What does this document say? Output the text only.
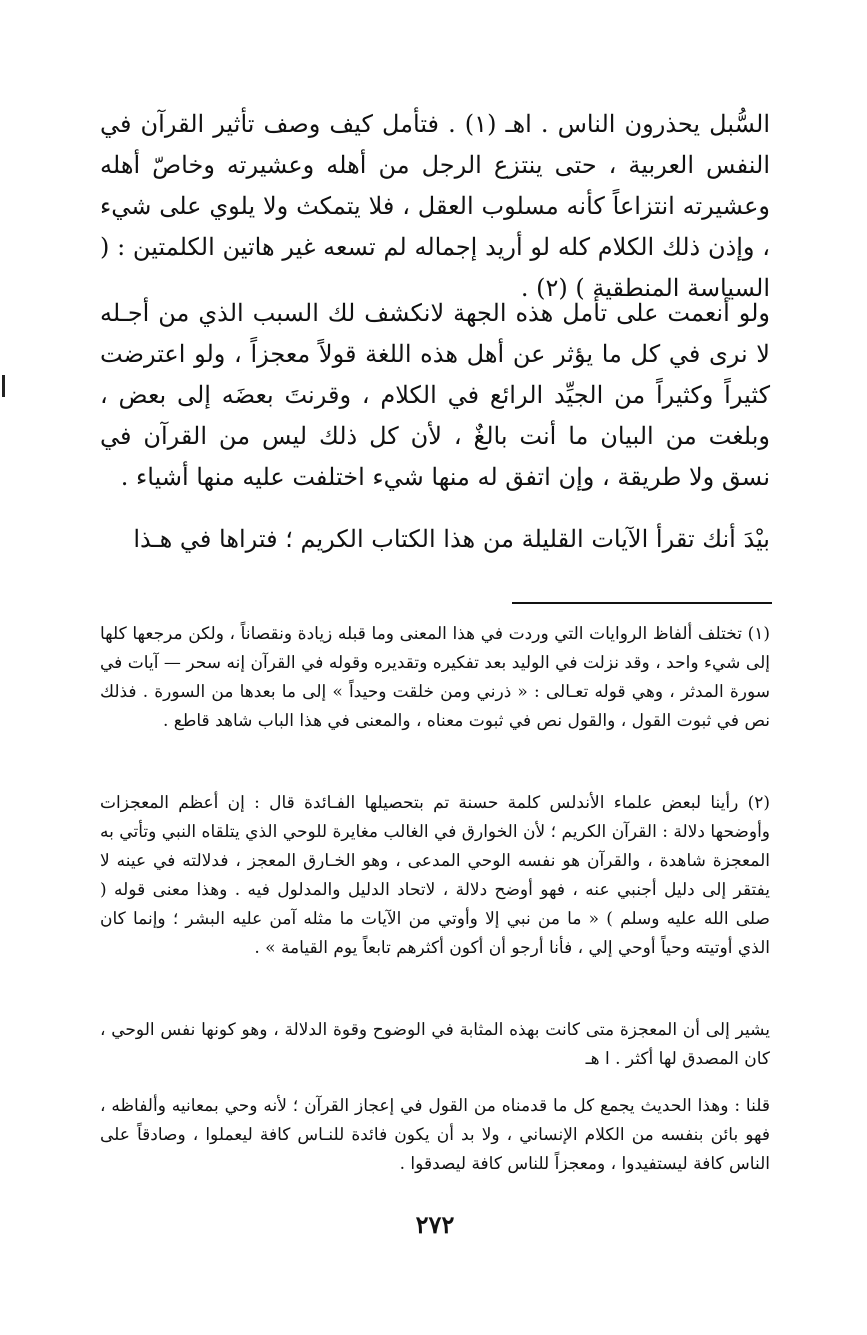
السُّبل يحذرون الناس . اهـ (١) . فتأمل كيف وصف تأثير القرآن في النفس العربية ، حتى ينتزع الرجل من أهله وعشيرته وخاصّ أهله وعشيرته انتزاعاً كأنه مسلوب العقل ، فلا يتمكث ولا يلوي على شيء ، وإذن ذلك الكلام كله لو أريد إجماله لم تسعه غير هاتين الكلمتين : ( السياسة المنطقية ) (٢) .

ولو أنعمت على تأمل هذه الجهة لانكشف لك السبب الذي من أجـله لا نرى في كل ما يؤثر عن أهل هذه اللغة قولاً معجزاً ، ولو اعترضت كثيراً وكثيراً من الجيِّد الرائع في الكلام ، وقرنتَ بعضَه إلى بعض ، وبلغت من البيان ما أنت بالغٌ ، لأن كل ذلك ليس من القرآن في نسق ولا طريقة ، وإن اتفق له منها شيء اختلفت عليه منها أشياء .

بيْدَ أنك تقرأ الآيات القليلة من هذا الكتاب الكريم ؛ فتراها في هـذا

(١) تختلف ألفاظ الروايات التي وردت في هذا المعنى وما قبله زيادة ونقصاناً ، ولكن مرجعها كلها إلى شيء واحد ، وقد نزلت في الوليد بعد تفكيره وتقديره وقوله في القرآن إنه سحر — آيات في سورة المدثر ، وهي قوله تعـالى : « ذرني ومن خلقت وحيداً » إلى ما بعدها من السورة . فذلك نص في ثبوت القول ، والقول نص في ثبوت معناه ، والمعنى في هذا الباب شاهد قاطع .

(٢) رأينا لبعض علماء الأندلس كلمة حسنة تم بتحصيلها الفـائدة قال : إن أعظم المعجزات وأوضحها دلالة : القرآن الكريم ؛ لأن الخوارق في الغالب مغايرة للوحي الذي يتلقاه النبي وتأتي به المعجزة شاهدة ، والقرآن هو نفسه الوحي المدعى ، وهو الخـارق المعجز ، فدلالته في عينه لا يفتقر إلى دليل أجنبي عنه ، فهو أوضح دلالة ، لاتحاد الدليل والمدلول فيه . وهذا معنى قوله ( صلى الله عليه وسلم ) « ما من نبي إلا وأوتي من الآيات ما مثله آمن عليه البشر ؛ وإنما كان الذي أوتيته وحياً أوحي إلي ، فأنا أرجو أن أكون أكثرهم تابعاً يوم القيامة » .

يشير إلى أن المعجزة متى كانت بهذه المثابة في الوضوح وقوة الدلالة ، وهو كونها نفس الوحي ، كان المصدق لها أكثر . ا هـ

قلنا : وهذا الحديث يجمع كل ما قدمناه من القول في إعجاز القرآن ؛ لأنه وحي بمعانيه وألفاظه ، فهو بائن بنفسه من الكلام الإنساني ، ولا بد أن يكون فائدة للنـاس كافة ليعملوا ، وصادقاً على الناس كافة ليستفيدوا ، ومعجزاً للناس كافة ليصدقوا .

٢٧٢
